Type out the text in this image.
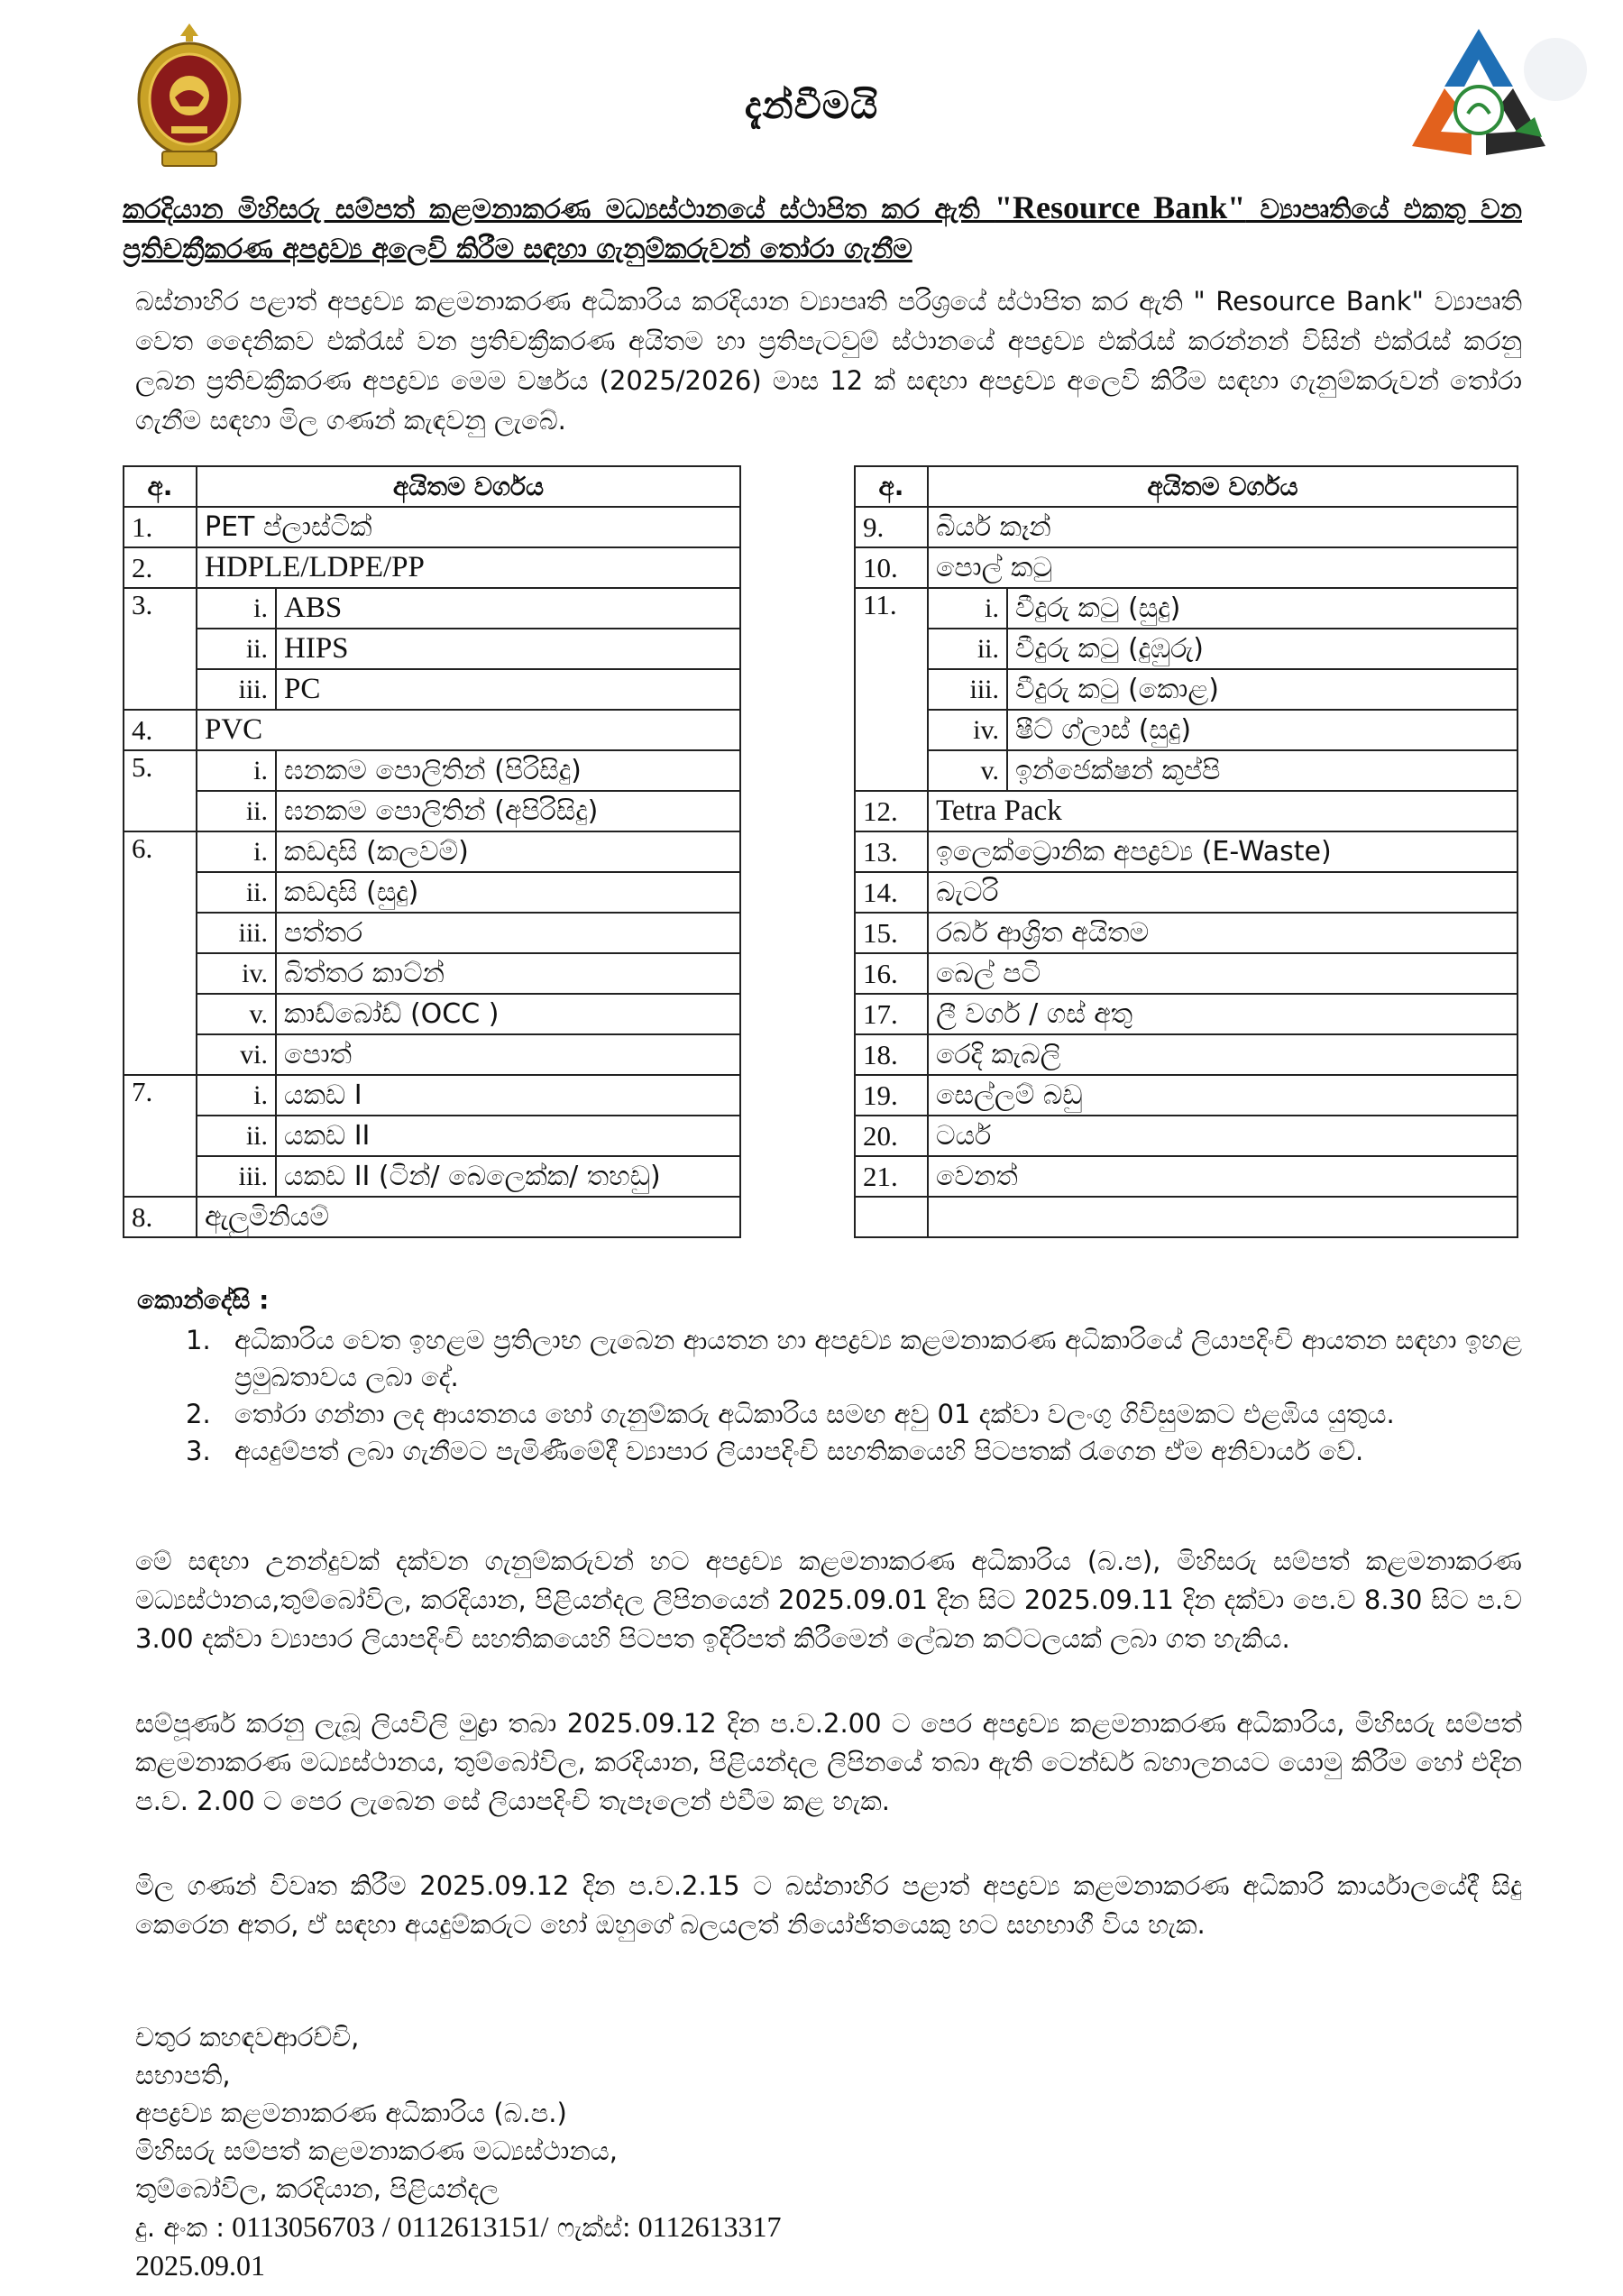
දැන්වීමයි
කරදියාන මිහිසරු සම්පත් කළමනාකරණ මධ්‍යස්ථානයේ ස්ථාපිත කර ඇති "Resource Bank" ව්‍යාපෘතියේ එකතු වන ප්‍රතිචක්‍රීකරණ අපද්‍රව්‍ය අලෙවි කිරීම සඳහා ගැනුම්කරුවන් තෝරා ගැනීම
බස්නාහිර පළාත් අපද්‍රව්‍ය කළමනාකරණ අධිකාරිය කරදියාන ව්‍යාපෘති පරිශ්‍රයේ ස්ථාපිත කර ඇති " Resource Bank" ව්‍යාපෘති වෙත දෛනිකව එක්රැස් වන ප්‍රතිචක්‍රීකරණ අයිතම හා ප්‍රතිපැටවුම් ස්ථානයේ අපද්‍රව්‍ය එක්රැස් කරන්නන් විසින් එක්රැස් කරනු ලබන ප්‍රතිචක්‍රීකරණ අපද්‍රව්‍ය මෙම වර්ෂය (2025/2026) මාස 12 ක් සඳහා අපද්‍රව්‍ය අලෙවි කිරීම සඳහා ගැනුම්කරුවන් තෝරා ගැනීම සඳහා මිල ගණන් කැඳවනු ලැබේ.
අ.	අයිතම වර්ගය	
1.	PET ප්ලාස්ටික්	
2.	HDPLE/LDPE/PP	
3.	i.	ABS
	ii.	HIPS
	iii.	PC
4.	PVC	
5.	i.	ඝනකම පොලිතින් (පිරිසිදු)
	ii.	ඝනකම පොලිතින් (අපිරිසිදු)
6.	i.	කඩදාසි (කලවම්)
	ii.	කඩදාසි (සුදු)
	iii.	පත්තර
	iv.	බිත්තර කාට්න්
	v.	කාඩ්බෝඩ් (OCC )
	vi.	පොත්
7.	i.	යකඩ I
	ii.	යකඩ II
	iii.	යකඩ II (ටින්/ බෙලෙක්ක/ තහඩු)
8.	ඇලුමිනියම්	
අ.	අයිතම වර්ගය	
9.	බියර් කෑන්	
10.	පොල් කටු	
11.	i.	වීදුරු කටු (සුදු)
	ii.	වීදුරු කටු (දුඹුරු)
	iii.	වීදුරු කටු (කොළ)
	iv.	ෂීට් ග්ලාස් (සුදු)
	v.	ඉන්ජෙක්ෂන් කුප්පි
12.	Tetra Pack	
13.	ඉලෙක්ට්‍රොනික අපද්‍රව්‍ය (E-Waste)	
14.	බැටරි	
15.	රබර් ආශ්‍රිත අයිතම	
16.	බෙල් පටි	
17.	ලී වර්ග / ගස් අතු	
18.	රෙදි කැබලි	
19.	සෙල්ලම් බඩු	
20.	ටයර්	
21.	වෙනත්	

කොන්දේසි :
1. අධිකාරිය වෙත ඉහළම ප්‍රතිලාභ ලැබෙන ආයතන හා අපද්‍රව්‍ය කළමනාකරණ අධිකාරියේ ලියාපදිංචි ආයතන සඳහා ඉහළ ප්‍රමුඛතාවය ලබා දේ.
2. තෝරා ගන්නා ලද ආයතනය හෝ ගැනුම්කරු අධිකාරිය සමඟ අවු 01 දක්වා වලංගු ගිවිසුමකට එළඹිය යුතුය.
3. අයදුම්පත් ලබා ගැනීමට පැමිණීමේදී ව්‍යාපාර ලියාපදිංචි සහතිකයෙහි පිටපතක් රැගෙන ඒම අනිවාර්ය වේ.
මේ සඳහා උනන්දුවක් දක්වන ගැනුම්කරුවන් හට අපද්‍රව්‍ය කළමනාකරණ අධිකාරිය (බ.ප), මිහිසරු සම්පත් කළමනාකරණ මධ්‍යස්ථානය,තුම්බෝවිල, කරදියාන, පිළියන්දල ලිපිනයෙන් 2025.09.01 දින සිට 2025.09.11 දින දක්වා පෙ.ව 8.30 සිට ප.ව 3.00 දක්වා ව්‍යාපාර ලියාපදිංචි සහතිකයෙහි පිටපත ඉදිරිපත් කිරීමෙන් ලේඛන කට්ටලයක් ලබා ගත හැකිය.
සම්පූර්ණ කරනු ලැබූ ලියවිලි මුද්‍රා තබා 2025.09.12 දින ප.ව.2.00 ට පෙර අපද්‍රව්‍ය කළමනාකරණ අධිකාරිය, මිහිසරු සම්පත් කළමනාකරණ මධ්‍යස්ථානය, තුම්බෝවිල, කරදියාන, පිළියන්දල ලිපිනයේ තබා ඇති ටෙන්ඩර් බහාලනයට යොමු කිරීම හෝ එදින ප.ව. 2.00 ට පෙර ලැබෙන සේ ලියාපදිංචි තැපෑලෙන් එවීම කළ හැක.
මිල ගණන් විවෘත කිරීම 2025.09.12 දින ප.ව.2.15 ට බස්නාහිර පළාත් අපද්‍රව්‍ය කළමනාකරණ අධිකාරි කාර්යාලයේදී සිදු කෙරෙන අතර, ඒ සඳහා අයදුම්කරුට හෝ ඔහුගේ බලයලත් නියෝජිතයෙකු හට සහභාගී විය හැක.
චතුර කහඳවආරච්චි,
සභාපති,
අපද්‍රව්‍ය කළමනාකරණ අධිකාරිය (බ.ප.)
මිහිසරු සම්පත් කළමනාකරණ මධ්‍යස්ථානය,
තුම්බෝවිල, කරදියාන, පිළියන්දල
දු. අංක : 0113056703 / 0112613151/ ෆැක්ස්: 0112613317
2025.09.01
